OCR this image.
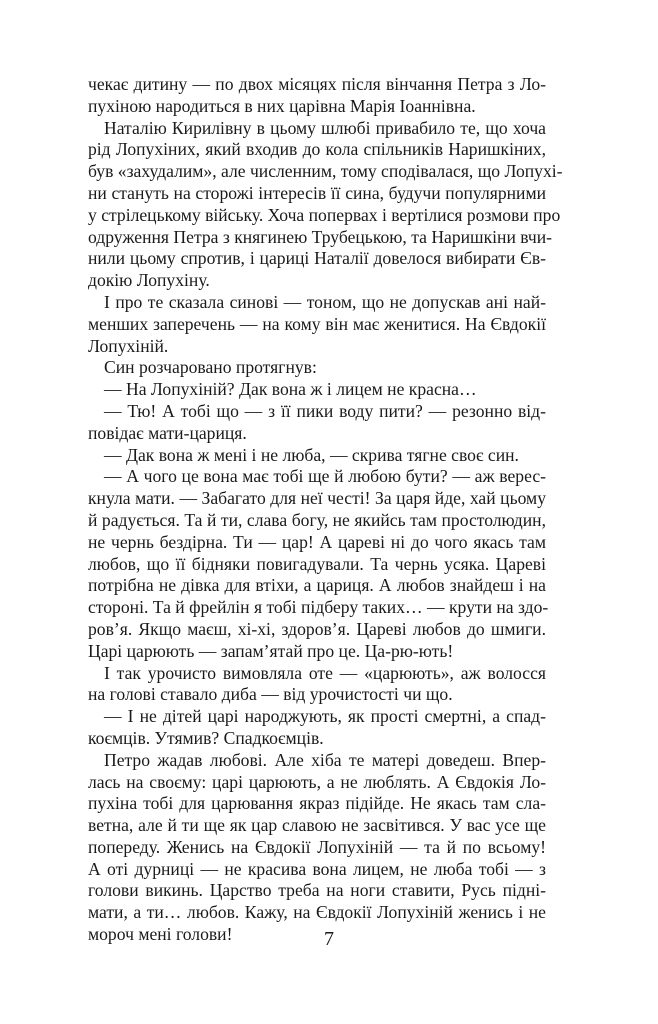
чекає дитину — по двох місяцях після вінчання Петра з Ло-
пухіною народиться в них царівна Марія Іоаннівна.
Наталію Кирилівну в цьому шлюбі привабило те, що хоча
рід Лопухіних, який входив до кола спільників Наришкіних,
був «захудалим», але численним, тому сподівалася, що Лопухі-
ни стануть на сторожі інтересів її сина, будучи популярними
у стрілецькому війську. Хоча поперваx і вертілися розмови про
одруження Петра з княгинею Трубецькою, та Наришкіни вчи-
нили цьому спротив, і цариці Наталії довелося вибирати Єв-
докію Лопухіну.
І про те сказала синові — тоном, що не допускав ані най-
менших заперечень — на кому він має женитися. На Євдокії
Лопухіній.
Син розчаровано протягнув:
— На Лопухіній? Дак вона ж і лицем не красна…
— Тю! А тобі що — з її пики воду пити? — резонно від-
повідає мати-цариця.
— Дак вона ж мені і не люба, — скрива тягне своє син.
— А чого це вона має тобі ще й любою бути? — аж верес-
кнула мати. — Забагато для неї честі! За царя йде, хай цьому
й радується. Та й ти, слава богу, не якийсь там простолюдин,
не чернь бездірна. Ти — цар! А цареві ні до чого якась там
любов, що її бідняки повигадували. Та чернь усяка. Цареві
потрібна не дівка для втіхи, а цариця. А любов знайдеш і на
стороні. Та й фрейлін я тобі підберу таких… — крути на здо-
ров’я. Якщо маєш, хі-хі, здоров’я. Цареві любов до шмиги.
Царі царюють — запам’ятай про це. Ца-рю-ють!
І так урочисто вимовляла оте — «царюють», аж волосся
на голові ставало диба — від урочистості чи що.
— І не дітей царі народжують, як прості смертні, а спад-
коємців. Утямив? Спадкоємців.
Петро жадав любові. Але хіба те матері доведеш. Впер-
лась на своєму: царі царюють, а не люблять. А Євдокія Ло-
пухіна тобі для царювання якраз підійде. Не якась там сла-
ветна, але й ти ще як цар славою не засвітився. У вас усе ще
попереду. Женись на Євдокії Лопухіній — та й по всьому!
А оті дурниці — не красива вона лицем, не люба тобі — з
голови викинь. Царство треба на ноги ставити, Русь підні-
мати, а ти… любов. Кажу, на Євдокії Лопухіній женись і не
мороч мені голови!	7
